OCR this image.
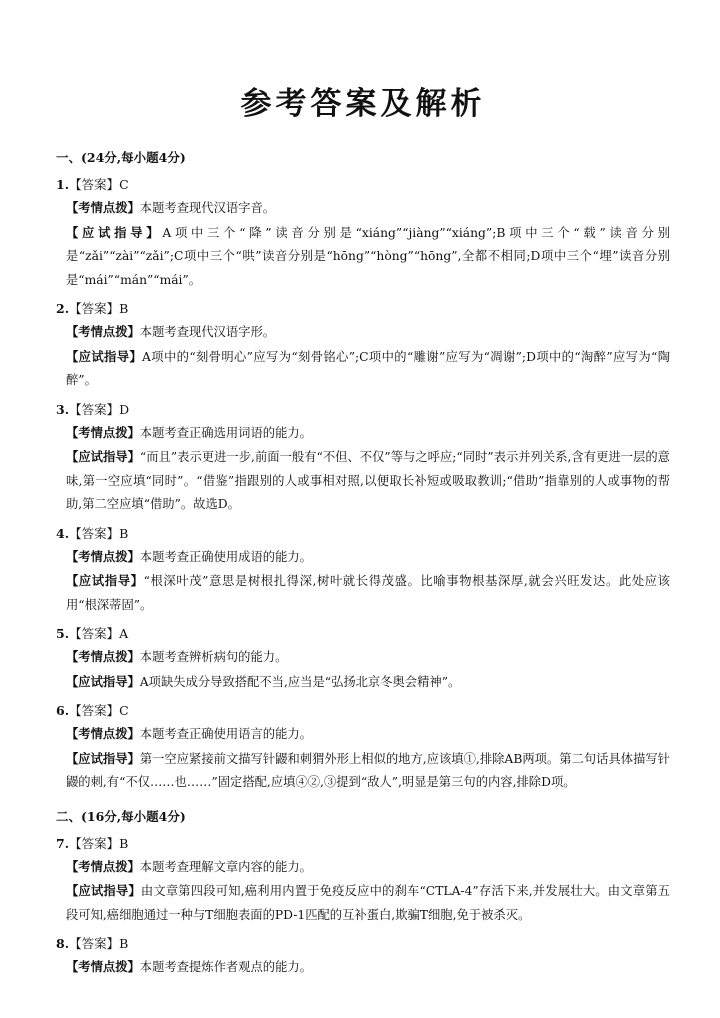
参考答案及解析
一、(24分,每小题4分)
1.【答案】C
【考情点拨】本题考查现代汉语字音。
【应试指导】A项中三个“降”读音分别是“xiáng”“jiàng”“xiáng”;B项中三个“载”读音分别是“zǎi”“zài”“zǎi”;C项中三个“哄”读音分别是“hōng”“hòng”“hōng”,全都不相同;D项中三个“埋”读音分别是“mái”“mán”“mái”。
2.【答案】B
【考情点拨】本题考查现代汉语字形。
【应试指导】A项中的“刻骨明心”应写为“刻骨铭心”;C项中的“雕谢”应写为“凋谢”;D项中的“淘醉”应写为“陶醉”。
3.【答案】D
【考情点拨】本题考查正确选用词语的能力。
【应试指导】“而且”表示更进一步,前面一般有“不但、不仅”等与之呼应;“同时”表示并列关系,含有更进一层的意味,第一空应填“同时”。“借鉴”指跟别的人或事相对照,以便取长补短或吸取教训;“借助”指靠别的人或事物的帮助,第二空应填“借助”。故选D。
4.【答案】B
【考情点拨】本题考查正确使用成语的能力。
【应试指导】“根深叶茂”意思是树根扎得深,树叶就长得茂盛。比喻事物根基深厚,就会兴旺发达。此处应该用“根深蒂固”。
5.【答案】A
【考情点拨】本题考查辨析病句的能力。
【应试指导】A项缺失成分导致搭配不当,应当是“弘扬北京冬奥会精神”。
6.【答案】C
【考情点拨】本题考查正确使用语言的能力。
【应试指导】第一空应紧接前文描写针鼹和刺猬外形上相似的地方,应该填①,排除AB两项。第二句话具体描写针鼹的刺,有“不仅……也……”固定搭配,应填④②,③提到“敌人”,明显是第三句的内容,排除D项。
二、(16分,每小题4分)
7.【答案】B
【考情点拨】本题考查理解文章内容的能力。
【应试指导】由文章第四段可知,癌利用内置于免疫反应中的刹车“CTLA-4”存活下来,并发展壮大。由文章第五段可知,癌细胞通过一种与T细胞表面的PD-1匹配的互补蛋白,欺骗T细胞,免于被杀灭。
8.【答案】B
【考情点拨】本题考查提炼作者观点的能力。
